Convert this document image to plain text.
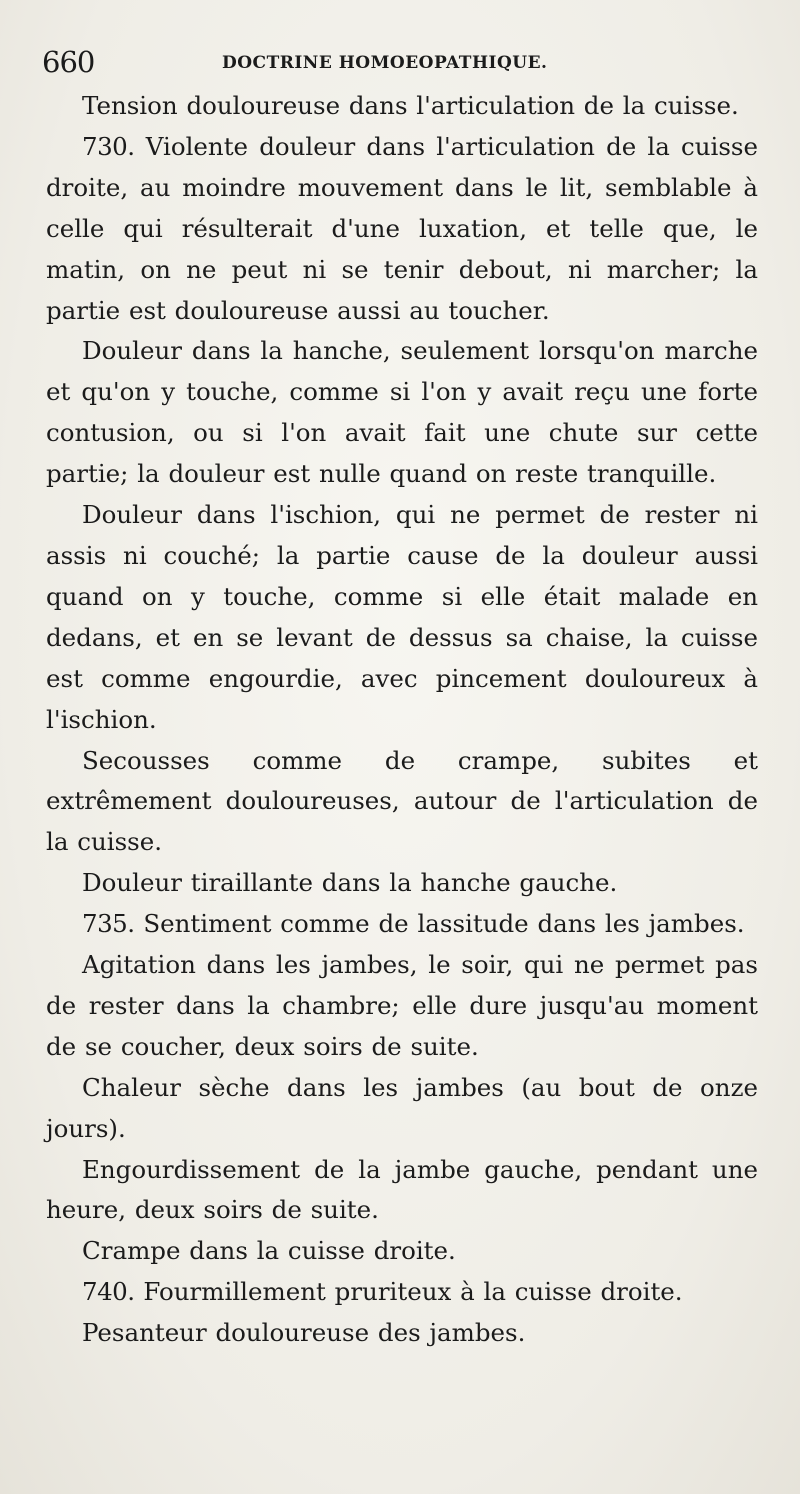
660	DOCTRINE HOMOEOPATHIQUE.

Tension douloureuse dans l'articulation de la cuisse.

730. Violente douleur dans l'articulation de la cuisse droite, au moindre mouvement dans le lit, semblable à celle qui résulterait d'une luxation, et telle que, le matin, on ne peut ni se tenir debout, ni marcher; la partie est douloureuse aussi au toucher.

Douleur dans la hanche, seulement lorsqu'on marche et qu'on y touche, comme si l'on y avait reçu une forte contusion, ou si l'on avait fait une chute sur cette partie; la douleur est nulle quand on reste tranquille.

Douleur dans l'ischion, qui ne permet de rester ni assis ni couché; la partie cause de la douleur aussi quand on y touche, comme si elle était malade en dedans, et en se levant de dessus sa chaise, la cuisse est comme engourdie, avec pincement douloureux à l'ischion.

Secousses comme de crampe, subites et extrêmement douloureuses, autour de l'articulation de la cuisse.

Douleur tiraillante dans la hanche gauche.

735. Sentiment comme de lassitude dans les jambes.

Agitation dans les jambes, le soir, qui ne permet pas de rester dans la chambre; elle dure jusqu'au moment de se coucher, deux soirs de suite.

Chaleur sèche dans les jambes (au bout de onze jours).

Engourdissement de la jambe gauche, pendant une heure, deux soirs de suite.

Crampe dans la cuisse droite.

740. Fourmillement pruriteux à la cuisse droite.

Pesanteur douloureuse des jambes.
